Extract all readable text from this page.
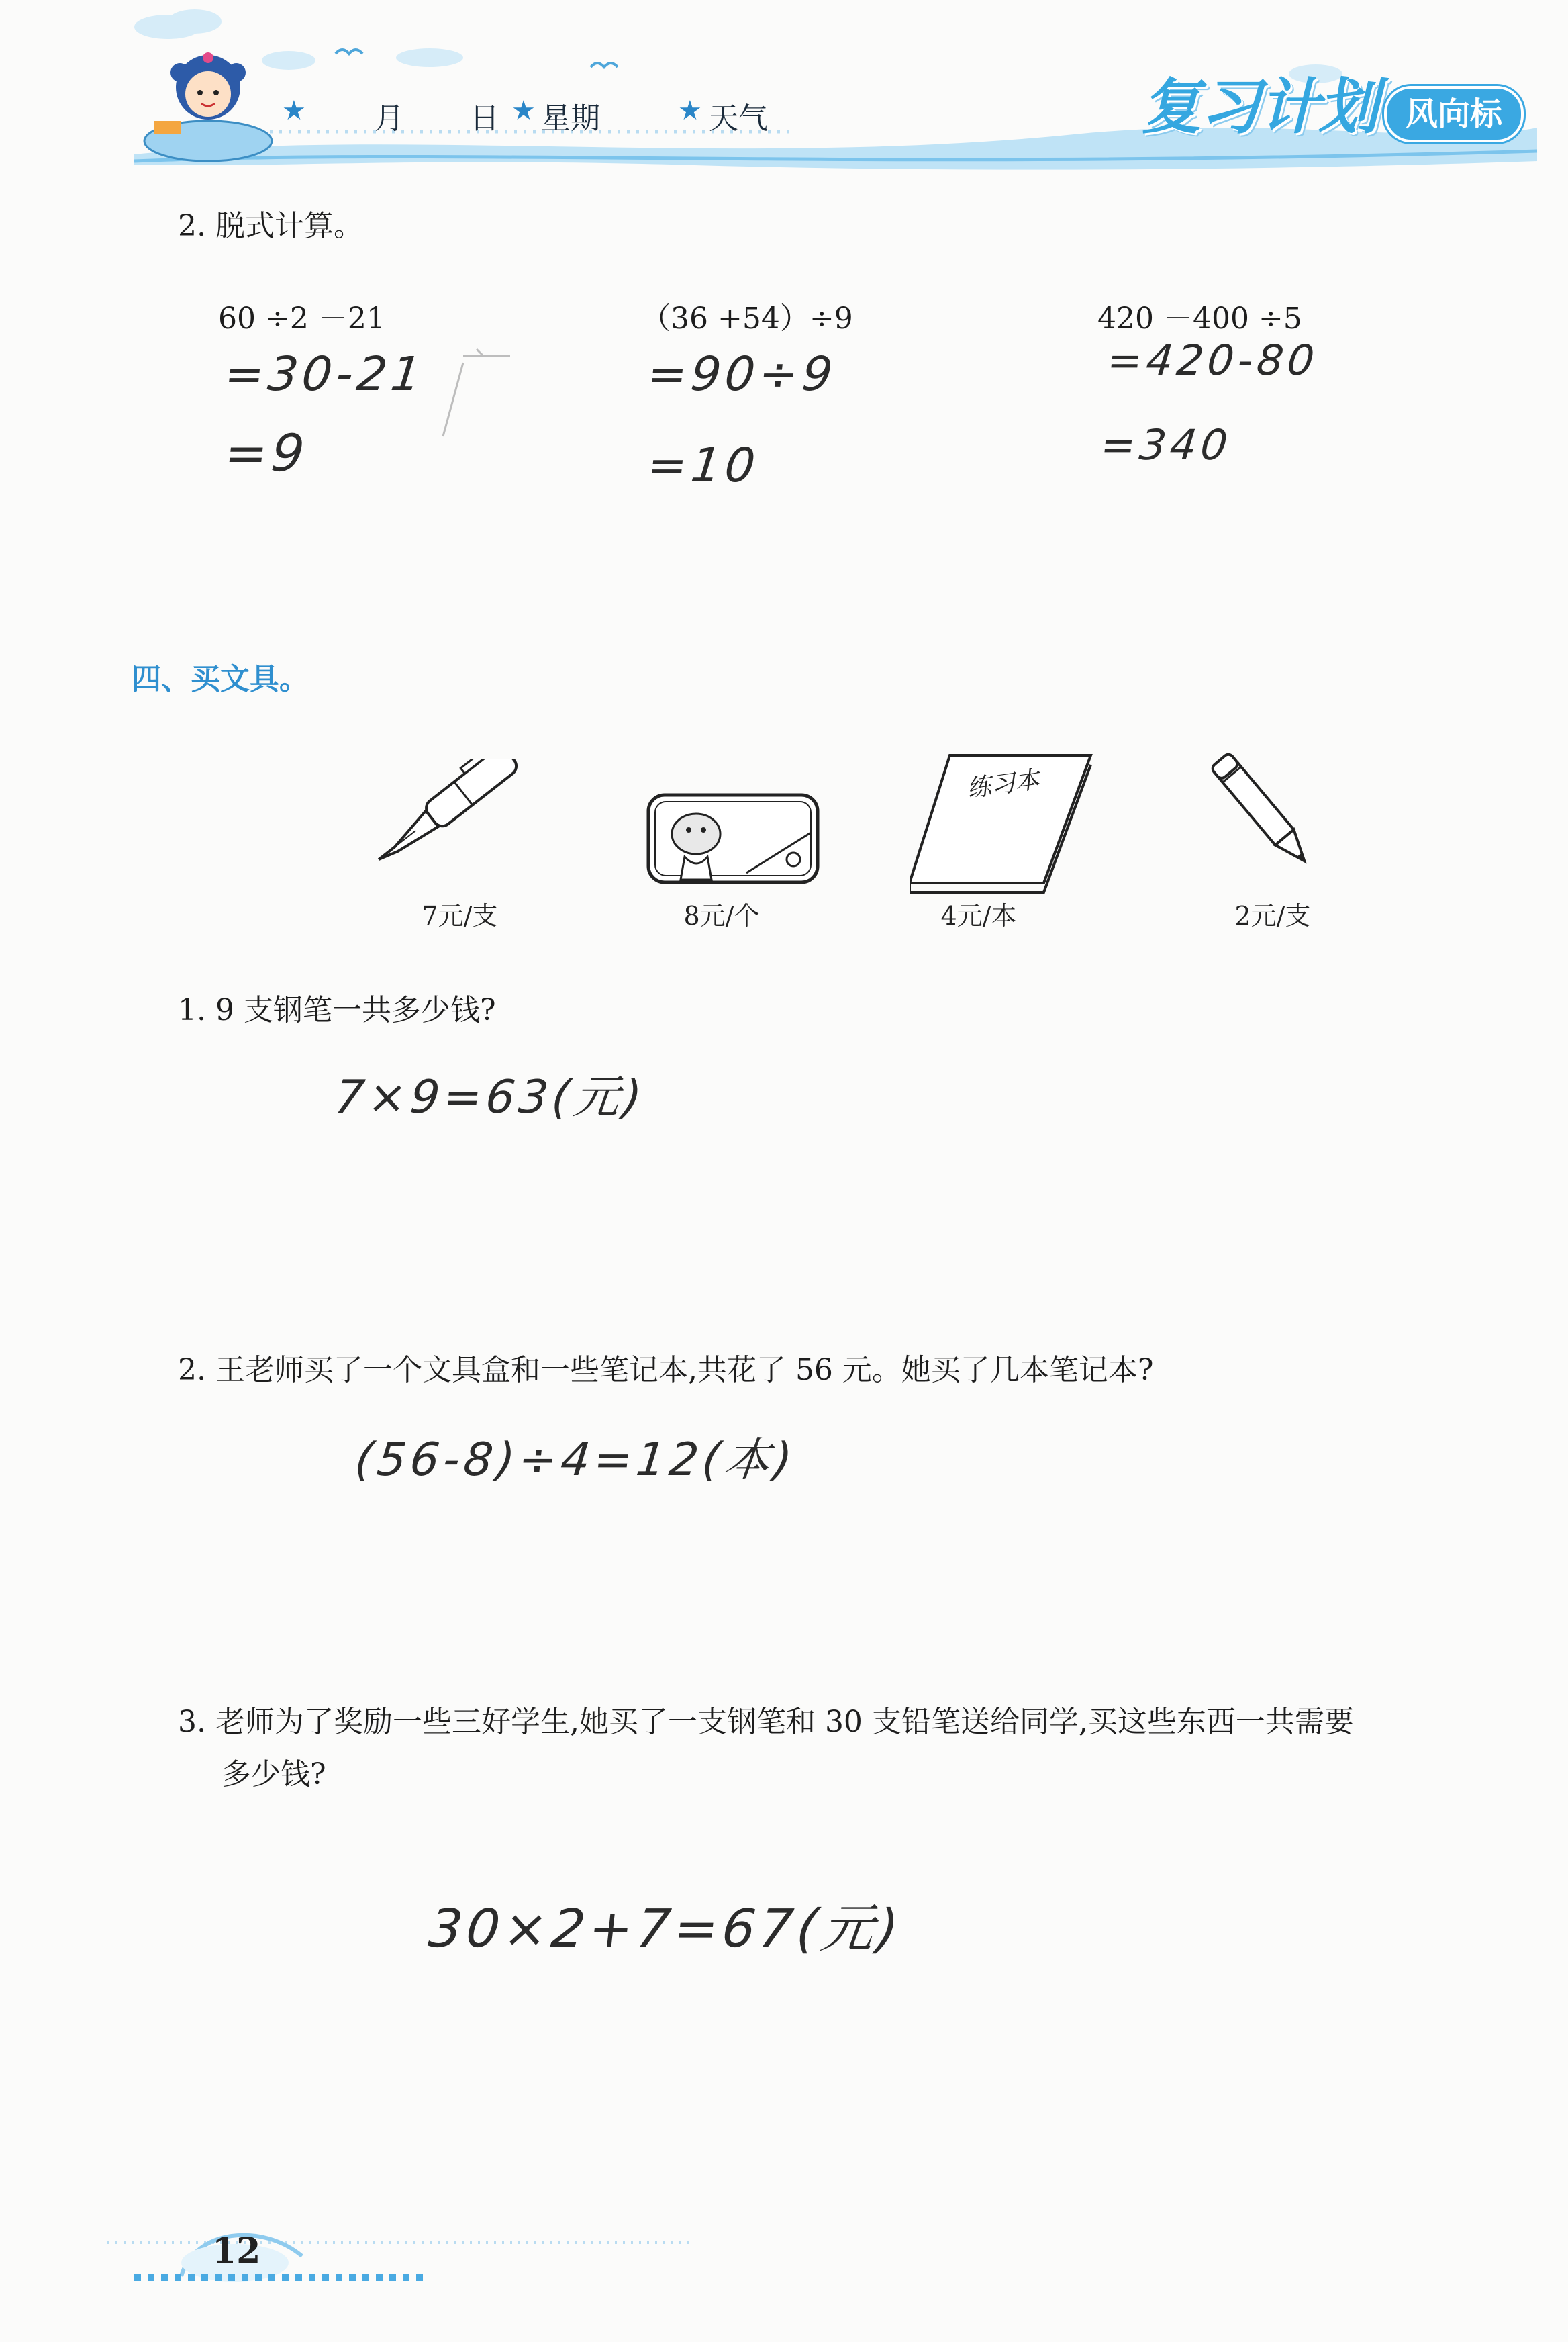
★ 月 日 ★ 星期	★ 天气	复习计划 风向标
2. 脱式计算。
60 ÷2 －21
=30-21
=9
（36 +54）÷9
=90÷9
=10
420 －400 ÷5
=420-80
=340
四、买文具。
7元/支	8元/个
练习本
4元/本	2元/支
1. 9 支钢笔一共多少钱?
7×9=63(元)
2. 王老师买了一个文具盒和一些笔记本,共花了 56 元。她买了几本笔记本?
(56-8)÷4=12(本)
3. 老师为了奖励一些三好学生,她买了一支钢笔和 30 支铅笔送给同学,买这些东西一共需要
多少钱?
30×2+7=67(元)
12
